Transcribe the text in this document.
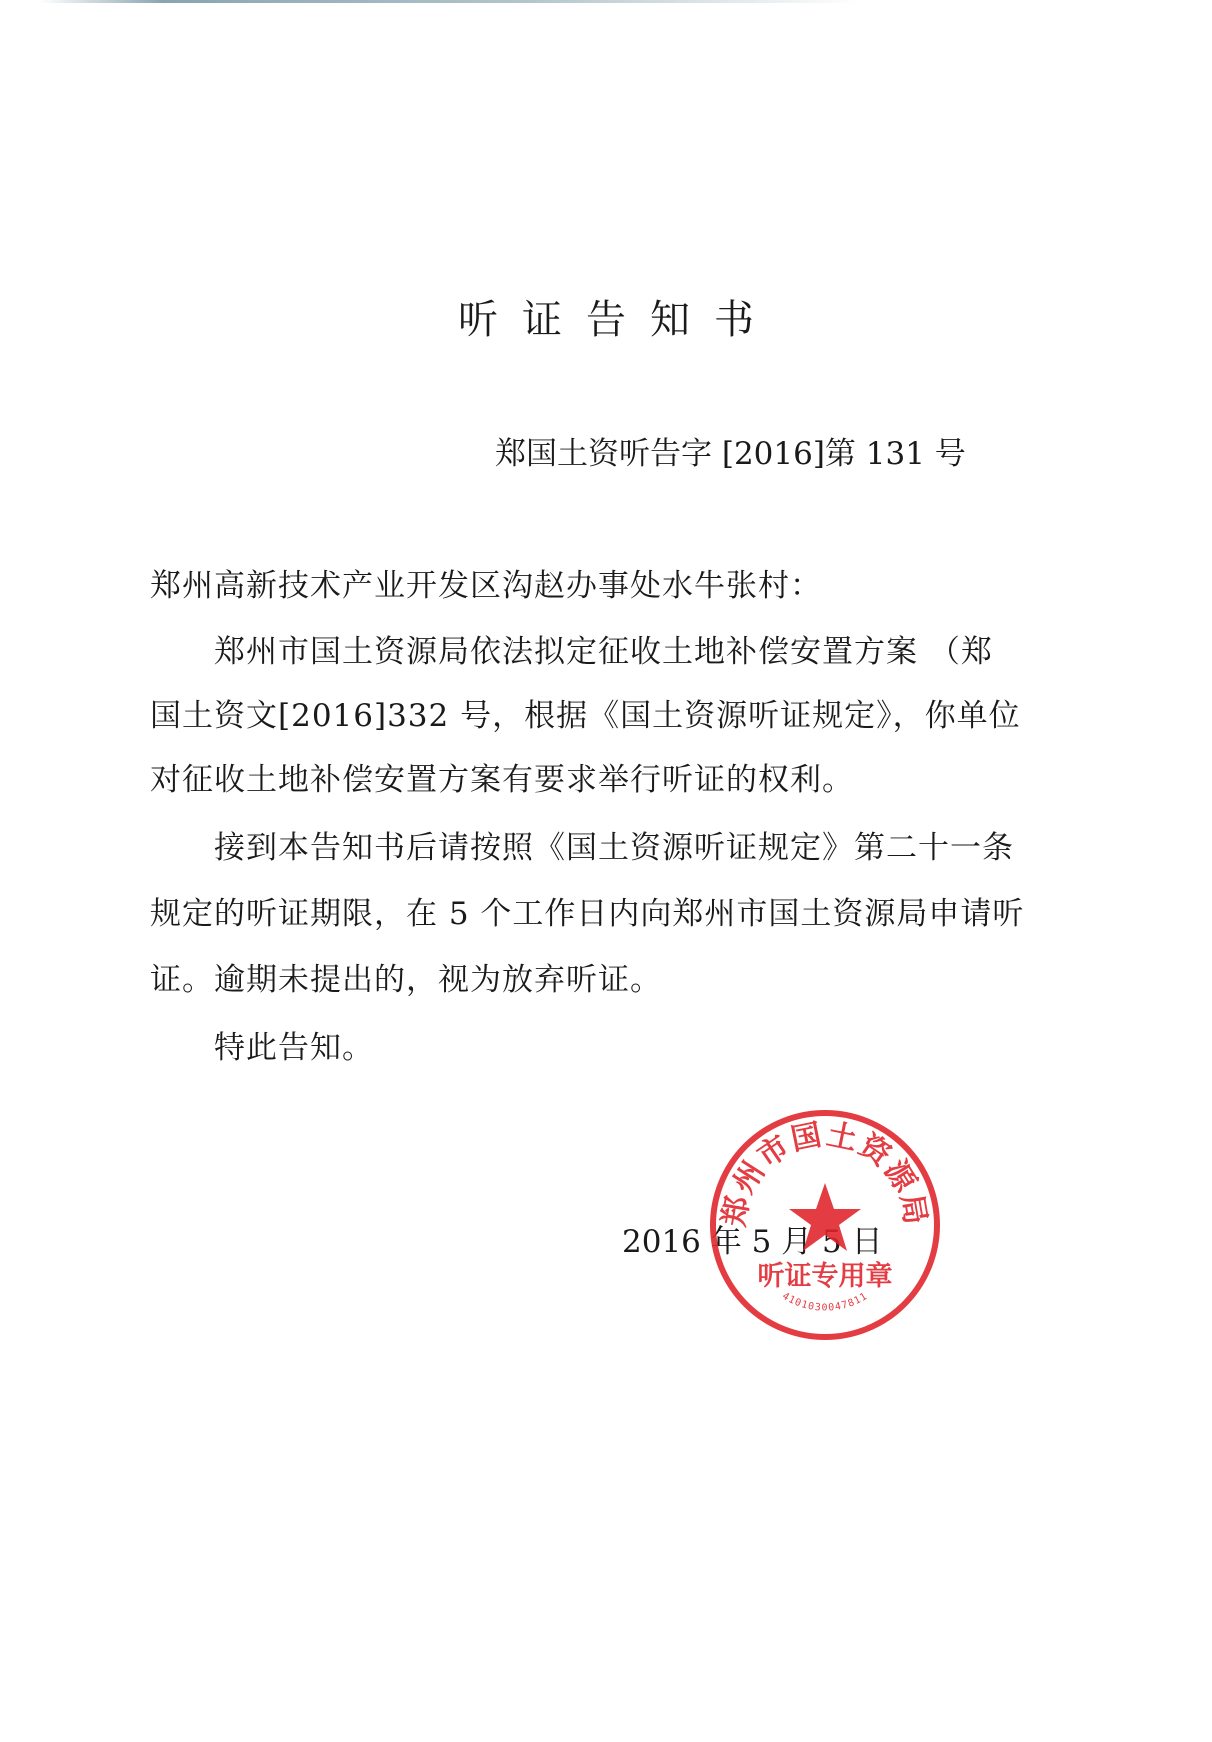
听证告知书
郑国土资听告字 [2016]第 131 号
郑州高新技术产业开发区沟赵办事处水牛张村：
郑州市国土资源局依法拟定征收土地补偿安置方案 （郑
国土资文[2016]332 号，根据《国土资源听证规定》，你单位
对征收土地补偿安置方案有要求举行听证的权利。
接到本告知书后请按照《国土资源听证规定》第二十一条
规定的听证期限，在 5 个工作日内向郑州市国土资源局申请听
证。逾期未提出的，视为放弃听证。
特此告知。
2016 年 5 月 5 日
郑州市国土资源局
听证专用章
4101030047811
